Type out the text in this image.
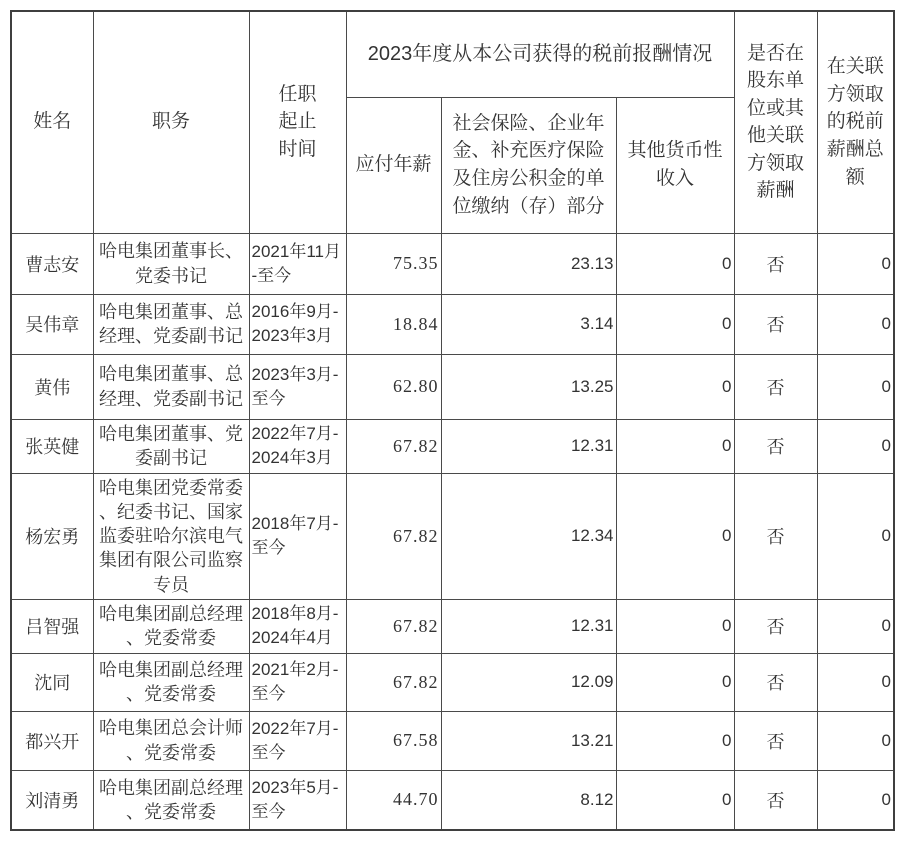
姓名	职务	任职起止时间	2023年度从本公司获得的税前报酬情况			是否在股东单位或其他关联方领取薪酬	在关联方领取的税前薪酬总额
			应付年薪	社会保险、企业年金、补充医疗保险及住房公积金的单位缴纳（存）部分	其他货币性收入		
曹志安	哈电集团董事长、党委书记	2021年11月-至今	75.35	23.13	0	否	0
吴伟章	哈电集团董事、总经理、党委副书记	2016年9月-2023年3月	18.84	3.14	0	否	0
黄伟	哈电集团董事、总经理、党委副书记	2023年3月-至今	62.80	13.25	0	否	0
张英健	哈电集团董事、党委副书记	2022年7月-2024年3月	67.82	12.31	0	否	0
杨宏勇	哈电集团党委常委、纪委书记、国家监委驻哈尔滨电气集团有限公司监察专员	2018年7月-至今	67.82	12.34	0	否	0
吕智强	哈电集团副总经理、党委常委	2018年8月-2024年4月	67.82	12.31	0	否	0
沈同	哈电集团副总经理、党委常委	2021年2月-至今	67.82	12.09	0	否	0
都兴开	哈电集团总会计师、党委常委	2022年7月-至今	67.58	13.21	0	否	0
刘清勇	哈电集团副总经理、党委常委	2023年5月-至今	44.70	8.12	0	否	0
